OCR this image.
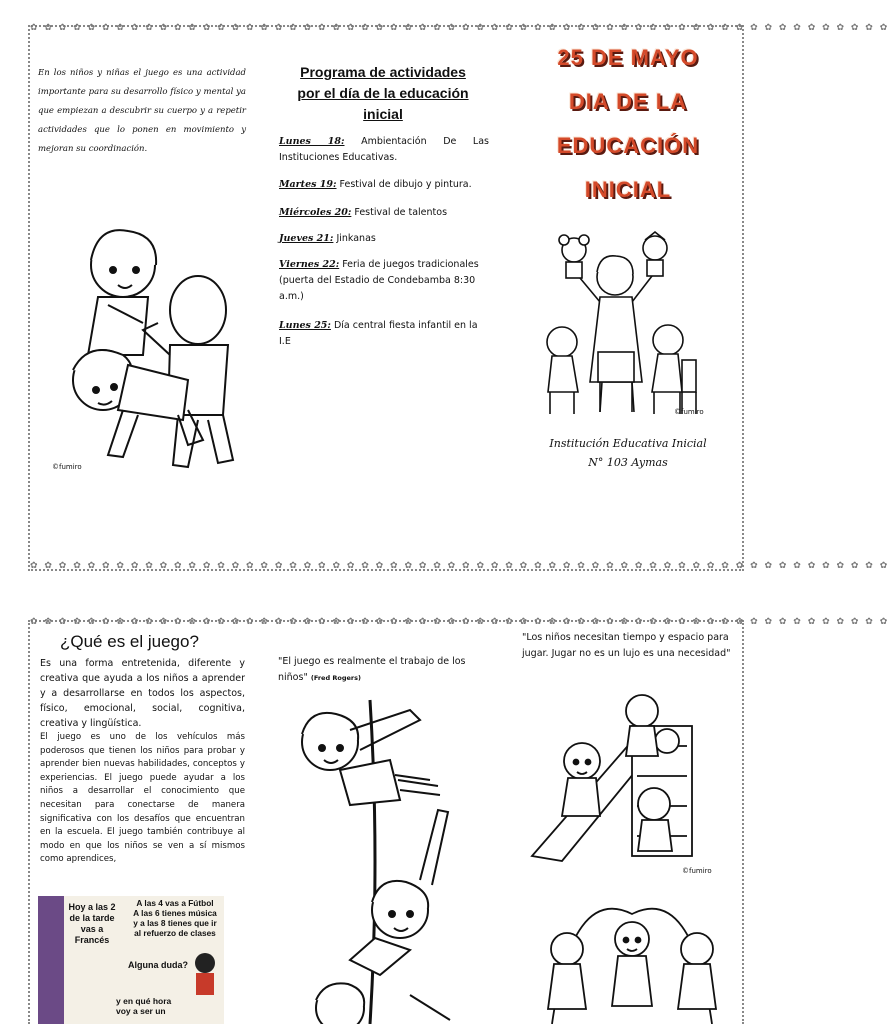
✿ ✿ ✿ ✿ ✿ ✿ ✿ ✿ ✿ ✿ ✿ ✿ ✿ ✿ ✿ ✿ ✿ ✿ ✿ ✿ ✿ ✿ ✿ ✿ ✿ ✿ ✿ ✿ ✿ ✿ ✿ ✿ ✿ ✿ ✿ ✿ ✿ ✿ ✿ ✿ ✿ ✿ ✿ ✿ ✿ ✿ ✿ ✿ ✿ ✿ ✿ ✿ ✿ ✿ ✿ ✿ ✿ ✿ ✿ ✿
✿ ✿ ✿ ✿ ✿ ✿ ✿ ✿ ✿ ✿ ✿ ✿ ✿ ✿ ✿ ✿ ✿ ✿ ✿ ✿ ✿ ✿ ✿ ✿ ✿ ✿ ✿ ✿ ✿ ✿ ✿ ✿ ✿ ✿ ✿ ✿ ✿ ✿ ✿ ✿ ✿ ✿ ✿ ✿ ✿ ✿ ✿ ✿ ✿ ✿ ✿ ✿ ✿ ✿ ✿ ✿ ✿ ✿ ✿ ✿
En los niños y niñas el juego es una actividad importante para su desarrollo físico y mental ya que empiezan a descubrir su cuerpo y a repetir actividades que lo ponen en movimiento y mejoran su coordinación.
©fumiro
Programa de actividades
por el día de la educación
inicial
Lunes 18: Ambientación De Las Instituciones Educativas.
Martes 19: Festival de dibujo y pintura.
Miércoles 20: Festival de talentos
Jueves 21: Jinkanas
Viernes 22: Feria de juegos tradicionales (puerta del Estadio de Condebamba 8:30 a.m.)
Lunes 25: Día central fiesta infantil en la I.E
25 DE MAYO
DIA DE LA
EDUCACIÓN
INICIAL
©fumiro
Institución Educativa Inicial
N° 103 Aymas
✿ ✿ ✿ ✿ ✿ ✿ ✿ ✿ ✿ ✿ ✿ ✿ ✿ ✿ ✿ ✿ ✿ ✿ ✿ ✿ ✿ ✿ ✿ ✿ ✿ ✿ ✿ ✿ ✿ ✿ ✿ ✿ ✿ ✿ ✿ ✿ ✿ ✿ ✿ ✿ ✿ ✿ ✿ ✿ ✿ ✿ ✿ ✿ ✿ ✿ ✿ ✿ ✿ ✿ ✿ ✿ ✿ ✿ ✿ ✿
¿Qué es el juego?
Es una forma entretenida, diferente y creativa que ayuda a los niños a aprender y a desarrollarse en todos los aspectos, físico, emocional, social, cognitiva, creativa y lingüística.
El juego es uno de los vehículos más poderosos que tienen los niños para probar y aprender bien nuevas habilidades, conceptos y experiencias. El juego puede ayudar a los niños a desarrollar el conocimiento que necesitan para conectarse de manera significativa con los desafíos que encuentran en la escuela. El juego también contribuye al modo en que los niños se ven a sí mismos como aprendices,
Hoy a las 2
de la tarde
vas a
Francés
A las 4 vas a Fútbol
A las 6 tienes música
y a las 8 tienes que ir
al refuerzo de clases
Alguna duda?
y en qué hora
voy a ser un
"El juego es realmente el trabajo de los niños" (Fred Rogers)
"Los niños necesitan tiempo y espacio para jugar. Jugar no es un lujo es una necesidad"
©fumiro
